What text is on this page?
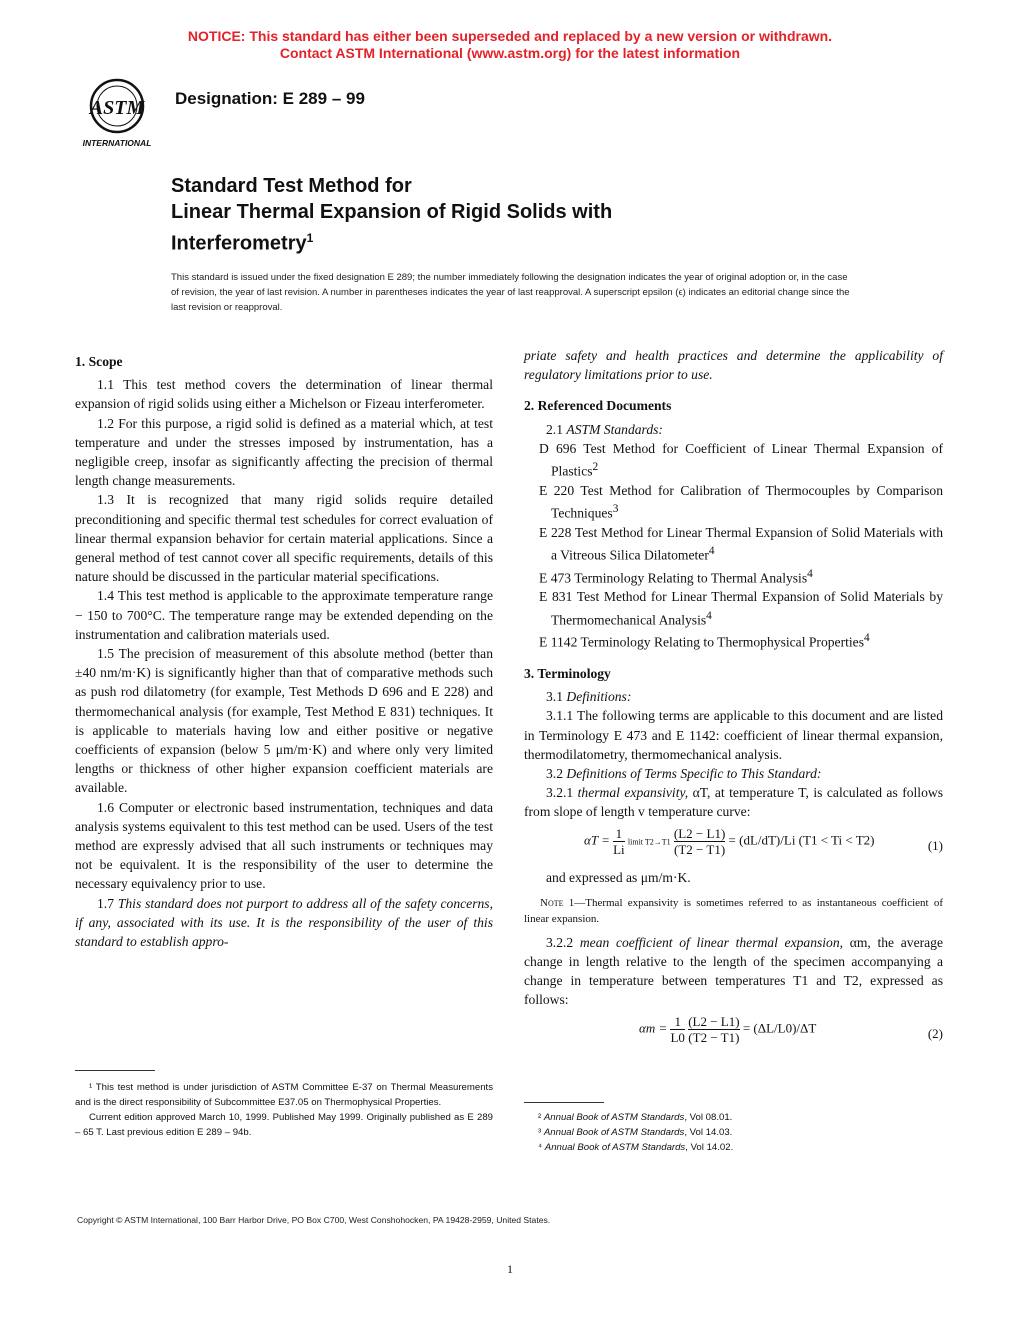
NOTICE: This standard has either been superseded and replaced by a new version or withdrawn.
Contact ASTM International (www.astm.org) for the latest information
ASTM
INTERNATIONAL
Designation: E 289 – 99
Standard Test Method for
Linear Thermal Expansion of Rigid Solids with
Interferometry$^1$
This standard is issued under the fixed designation E 289; the number immediately following the designation indicates the year of original adoption or, in the case of revision, the year of last revision. A number in parentheses indicates the year of last reapproval. A superscript epsilon (ϵ) indicates an editorial change since the last revision or reapproval.

1. Scope

1.1 This test method covers the determination of linear thermal expansion of rigid solids using either a Michelson or Fizeau interferometer.

1.2 For this purpose, a rigid solid is defined as a material which, at test temperature and under the stresses imposed by instrumentation, has a negligible creep, insofar as significantly affecting the precision of thermal length change measurements.

1.3 It is recognized that many rigid solids require detailed preconditioning and specific thermal test schedules for correct evaluation of linear thermal expansion behavior for certain material applications. Since a general method of test cannot cover all specific requirements, details of this nature should be discussed in the particular material specifications.

1.4 This test method is applicable to the approximate temperature range − 150 to 700°C. The temperature range may be extended depending on the instrumentation and calibration materials used.

1.5 The precision of measurement of this absolute method (better than ±40 nm/m·K) is significantly higher than that of comparative methods such as push rod dilatometry (for example, Test Methods D 696 and E 228) and thermomechanical analysis (for example, Test Method E 831) techniques. It is applicable to materials having low and either positive or negative coefficients of expansion (below 5 μm/m·K) and where only very limited lengths or thickness of other higher expansion coefficient materials are available.

1.6 Computer or electronic based instrumentation, techniques and data analysis systems equivalent to this test method can be used. Users of the test method are expressly advised that all such instruments or techniques may not be equivalent. It is the responsibility of the user to determine the necessary equivalency prior to use.

1.7 This standard does not purport to address all of the safety concerns, if any, associated with its use. It is the responsibility of the user of this standard to establish appro-

priate safety and health practices and determine the applicability of regulatory limitations prior to use.

2. Referenced Documents

2.1 ASTM Standards:

D 696 Test Method for Coefficient of Linear Thermal Expansion of Plastics$^2$

E 220 Test Method for Calibration of Thermocouples by Comparison Techniques$^3$

E 228 Test Method for Linear Thermal Expansion of Solid Materials with a Vitreous Silica Dilatometer$^4$

E 473 Terminology Relating to Thermal Analysis$^4$

E 831 Test Method for Linear Thermal Expansion of Solid Materials by Thermomechanical Analysis$^4$

E 1142 Terminology Relating to Thermophysical Properties$^4$

3. Terminology

3.1 Definitions:

3.1.1 The following terms are applicable to this document and are listed in Terminology E 473 and E 1142: coefficient of linear thermal expansion, thermodilatometry, thermomechanical analysis.

3.2 Definitions of Terms Specific to This Standard:

3.2.1 thermal expansivity, αT, at temperature T, is calculated as follows from slope of length v temperature curve:

$\alpha T = \frac{1}{Li}$ limit $T2\to T1 \frac{(L2 - L1)}{(T2 - T1)} = (dL/dT)/Li$ (T1 < Ti < T2)	(1)

and expressed as μm/m·K.

Note 1—Thermal expansivity is sometimes referred to as instantaneous coefficient of linear expansion.

3.2.2 mean coefficient of linear thermal expansion, αm, the average change in length relative to the length of the specimen accompanying a change in temperature between temperatures T1 and T2, expressed as follows:

$\alpha m = \frac{1}{L0}$
$\frac{(L2 - L1)}{(T2 - T1)} = (\Delta L/L0)/\Delta T$	(2)

¹ This test method is under jurisdiction of ASTM Committee E-37 on Thermal Measurements and is the direct responsibility of Subcommittee E37.05 on Thermophysical Properties.

Current edition approved March 10, 1999. Published May 1999. Originally published as E 289 – 65 T. Last previous edition E 289 – 94b.

² Annual Book of ASTM Standards, Vol 08.01.

³ Annual Book of ASTM Standards, Vol 14.03.

⁴ Annual Book of ASTM Standards, Vol 14.02.

Copyright © ASTM International, 100 Barr Harbor Drive, PO Box C700, West Conshohocken, PA 19428-2959, United States.
1
